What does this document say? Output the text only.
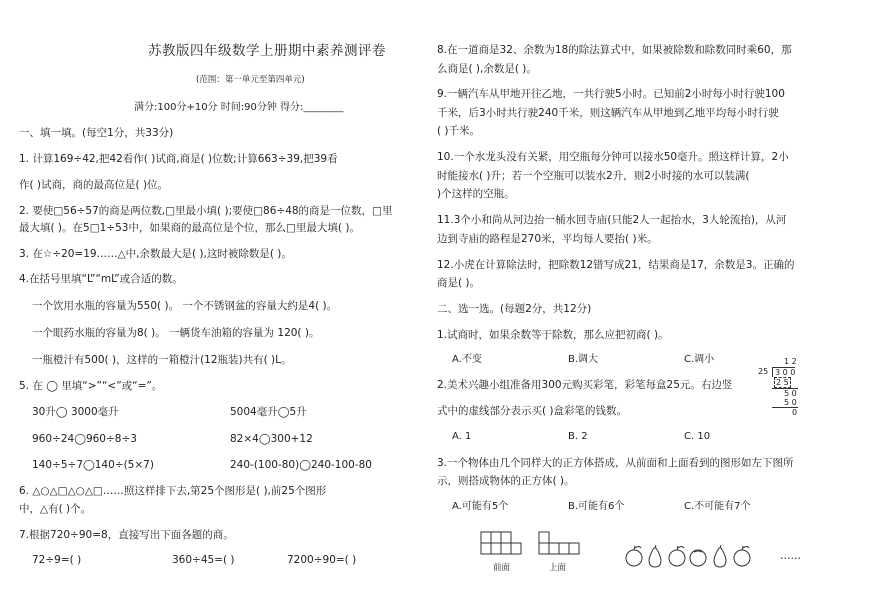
苏教版四年级数学上册期中素养测评卷
(范围：第一单元至第四单元)
满分:100分+10分 时间:90分钟 得分:________
一、填一填。(每空1分，共33分)
1. 计算169÷42,把42看作( )试商,商是( )位数;计算663÷39,把39看
作( )试商，商的最高位是( )位。
2. 要使□56÷57的商是两位数,□里最小填( );要使□86÷48的商是一位数，□里
最大填( )。在5□1÷53中，如果商的最高位是个位，那么□里最大填( )。
3. 在☆÷20=19……△中,余数最大是( ),这时被除数是( )。
4.在括号里填“L”“mL”或合适的数。
一个饮用水瓶的容量为550( )。 一个不锈钢盆的容量大约是4( )。
一个眼药水瓶的容量为8( )。 一辆货车油箱的容量为 120( )。
一瓶橙汁有500( )，这样的一箱橙汁(12瓶装)共有( )L。
5. 在 ◯ 里填“>”“<”或“=”。
30升◯ 3000毫升	5004毫升◯5升
960÷24◯960÷8÷3	82×4◯300+12
140÷5÷7◯140÷(5×7)	240-(100-80)◯240-100-80
6. △○△□△○△□……照这样排下去,第25个图形是( ),前25个图形
中，△有( )个。
7.根据720÷90=8，直接写出下面各题的商。
72÷9=( )	360÷45=( )	7200÷90=( )
8.在一道商是32、余数为18的除法算式中，如果被除数和除数同时乘60，那
么商是( ),余数是( )。
9.一辆汽车从甲地开往乙地，一共行驶5小时。已知前2小时每小时行驶100
千米，后3小时共行驶240千米，则这辆汽车从甲地到乙地平均每小时行驶
( )千米。
10.一个水龙头没有关紧，用空瓶每分钟可以接水50毫升。照这样计算，2小
时能接水( )升；若一个空瓶可以装水2升，则2小时接的水可以装满(
)个这样的空瓶。
11.3个小和尚从河边抬一桶水回寺庙(只能2人一起抬水，3人轮流抬)，从河
边到寺庙的路程是270米，平均每人要抬( )米。
12.小虎在计算除法时，把除数12错写成21，结果商是17，余数是3。正确的
商是( )。
二、选一选。(每题2分，共12分)
1.试商时，如果余数等于除数，那么应把初商( )。
A.不变	B.调大	C.调小
2.美术兴趣小组准备用300元购买彩笔，彩笔每盒25元。右边竖
式中的虚线部分表示买( )盒彩笔的钱数。
A. 1	B. 2	C. 10
3.一个物体由几个同样大的正方体搭成，从前面和上面看到的图形如左下图所
示，则搭成物体的正方体( )。
A.可能有5个	B.可能有6个	C.不可能有7个
1 2
25 3 0 0
2 5
5 0
5 0
0
前面	上面
……
